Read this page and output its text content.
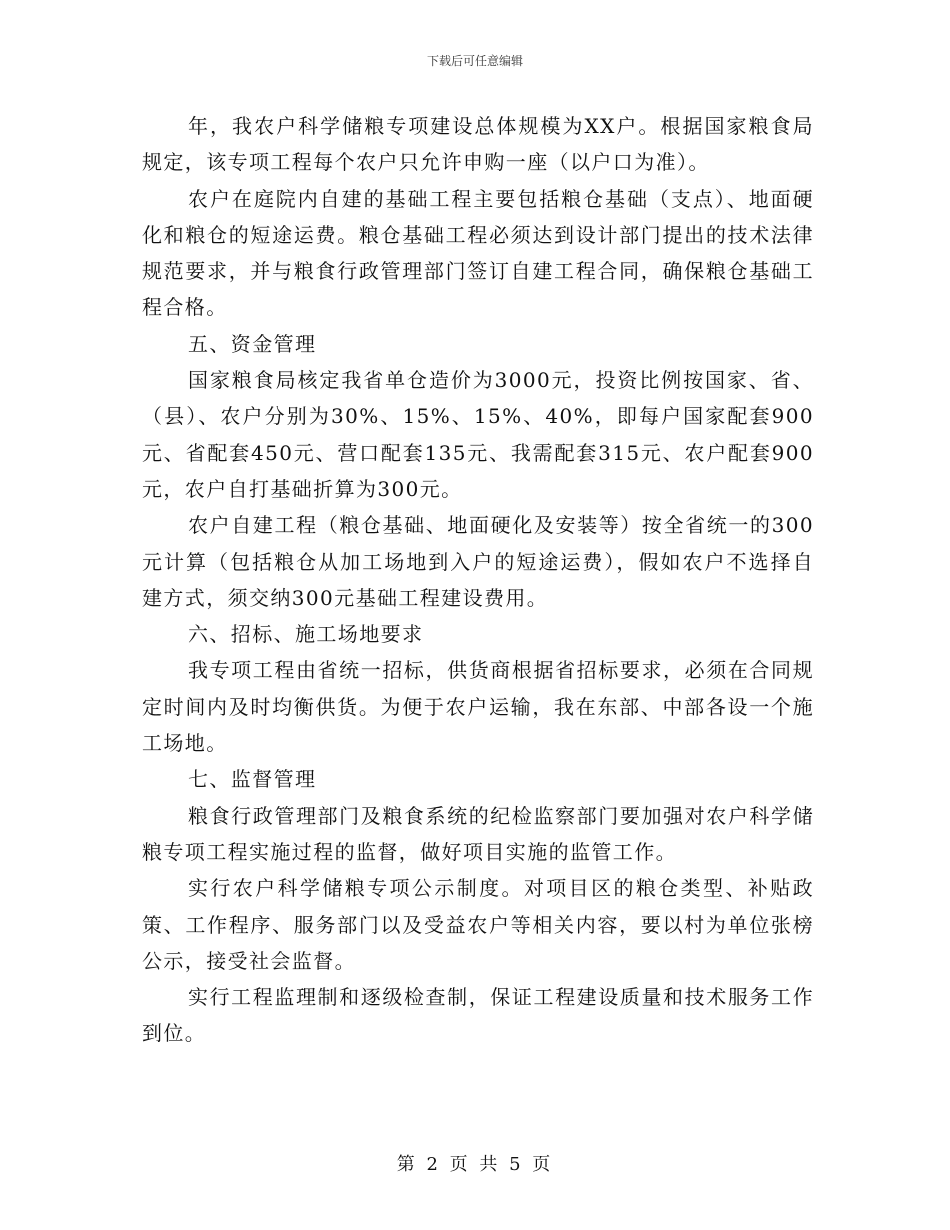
下载后可任意编辑

年，我农户科学储粮专项建设总体规模为XX户。根据国家粮食局规定，该专项工程每个农户只允许申购一座（以户口为准）。

农户在庭院内自建的基础工程主要包括粮仓基础（支点）、地面硬化和粮仓的短途运费。粮仓基础工程必须达到设计部门提出的技术法律规范要求，并与粮食行政管理部门签订自建工程合同，确保粮仓基础工程合格。

五、资金管理

国家粮食局核定我省单仓造价为3000元，投资比例按国家、省、（县）、农户分别为30%、15%、15%、40%，即每户国家配套900元、省配套450元、营口配套135元、我需配套315元、农户配套900元，农户自打基础折算为300元。

农户自建工程（粮仓基础、地面硬化及安装等）按全省统一的300元计算（包括粮仓从加工场地到入户的短途运费），假如农户不选择自建方式，须交纳300元基础工程建设费用。

六、招标、施工场地要求

我专项工程由省统一招标，供货商根据省招标要求，必须在合同规定时间内及时均衡供货。为便于农户运输，我在东部、中部各设一个施工场地。

七、监督管理

粮食行政管理部门及粮食系统的纪检监察部门要加强对农户科学储粮专项工程实施过程的监督，做好项目实施的监管工作。

实行农户科学储粮专项公示制度。对项目区的粮仓类型、补贴政策、工作程序、服务部门以及受益农户等相关内容，要以村为单位张榜公示，接受社会监督。

实行工程监理制和逐级检查制，保证工程建设质量和技术服务工作到位。

第 2 页 共 5 页
